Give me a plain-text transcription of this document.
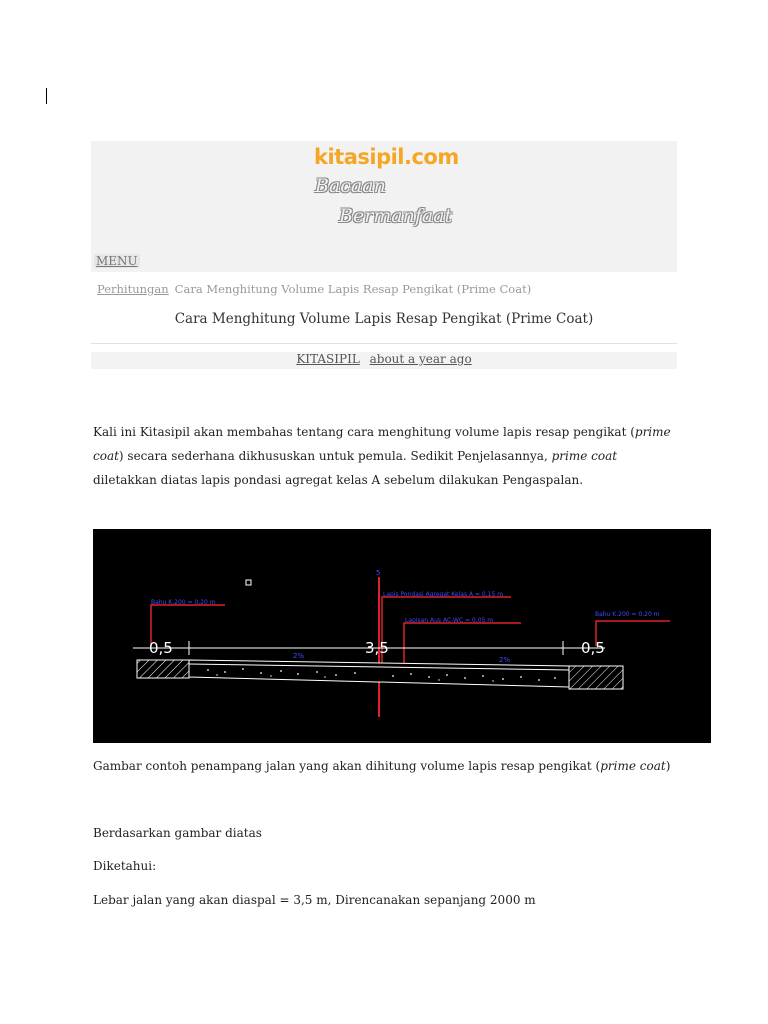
kitasipil.com
Bacaan
Bermanfaat
MENU
Perhitungan Cara Menghitung Volume Lapis Resap Pengikat (Prime Coat)
Cara Menghitung Volume Lapis Resap Pengikat (Prime Coat)
KITASIPIL about a year ago
Kali ini Kitasipil akan membahas tentang cara menghitung volume lapis resap pengikat (prime coat) secara sederhana dikhususkan untuk pemula. Sedikit Penjelasannya, prime coat diletakkan diatas lapis pondasi agregat kelas A sebelum dilakukan Pengaspalan.
5
Bahu K.200 = 0,20 m
Lapis Pondasi Agregat Kelas A = 0,15 m
Lapisan Aus AC-WC = 0,05 m
Bahu K.200 = 0,20 m
0,5	3,5	0,5
2%	2%
Gambar contoh penampang jalan yang akan dihitung volume lapis resap pengikat (prime coat)
Berdasarkan gambar diatas
Diketahui:
Lebar jalan yang akan diaspal = 3,5 m, Direncanakan sepanjang 2000 m
